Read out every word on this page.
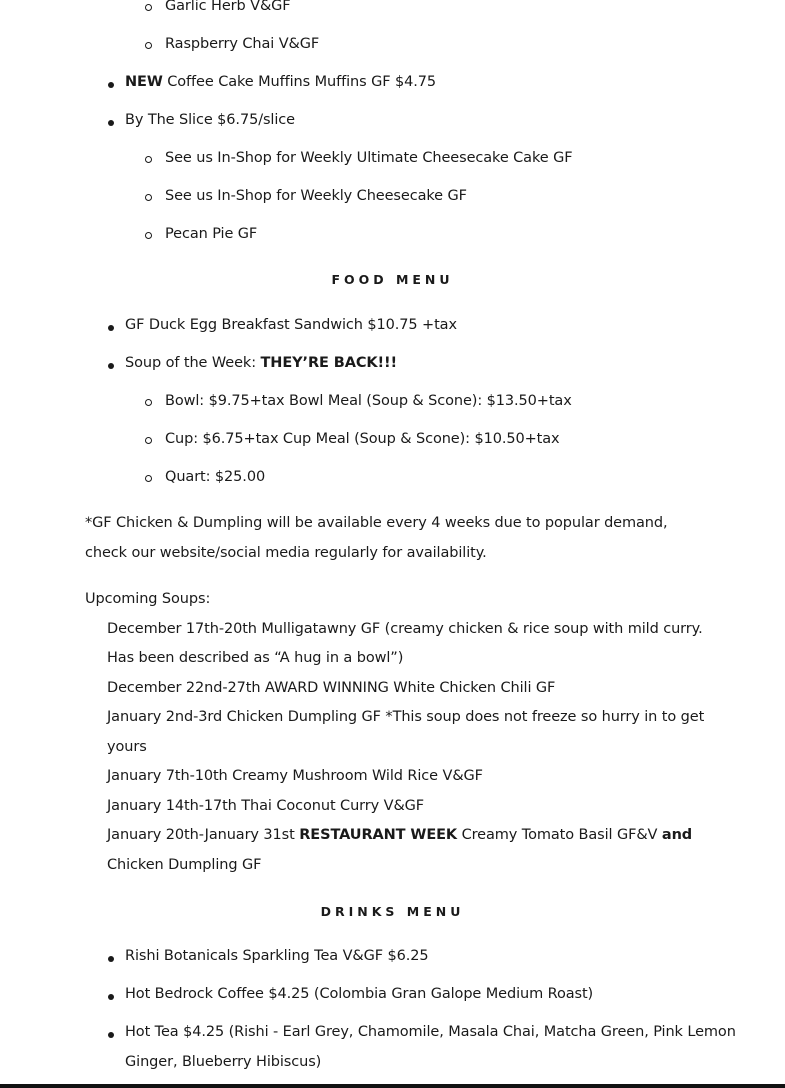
Garlic Herb V&GF
Raspberry Chai V&GF
NEW Coffee Cake Muffins Muffins GF $4.75
By The Slice $6.75/slice
See us In-Shop for Weekly Ultimate Cheesecake Cake GF
See us In-Shop for Weekly Cheesecake GF
Pecan Pie GF
FOOD MENU
GF Duck Egg Breakfast Sandwich $10.75 +tax
Soup of the Week: THEY’RE BACK!!!
Bowl: $9.75+tax Bowl Meal (Soup & Scone): $13.50+tax
Cup: $6.75+tax Cup Meal (Soup & Scone): $10.50+tax
Quart: $25.00
*GF Chicken & Dumpling will be available every 4 weeks due to popular demand, check our website/social media regularly for availability.
Upcoming Soups:
December 17th-20th Mulligatawny GF (creamy chicken & rice soup with mild curry. Has been described as “A hug in a bowl”)
December 22nd-27th AWARD WINNING White Chicken Chili GF
January 2nd-3rd Chicken Dumpling GF *This soup does not freeze so hurry in to get yours
January 7th-10th Creamy Mushroom Wild Rice V&GF
January 14th-17th Thai Coconut Curry V&GF
January 20th-January 31st RESTAURANT WEEK Creamy Tomato Basil GF&V and Chicken Dumpling GF
DRINKS MENU
Rishi Botanicals Sparkling Tea V&GF $6.25
Hot Bedrock Coffee $4.25 (Colombia Gran Galope Medium Roast)
Hot Tea $4.25 (Rishi - Earl Grey, Chamomile, Masala Chai, Matcha Green, Pink Lemon
Ginger, Blueberry Hibiscus)
